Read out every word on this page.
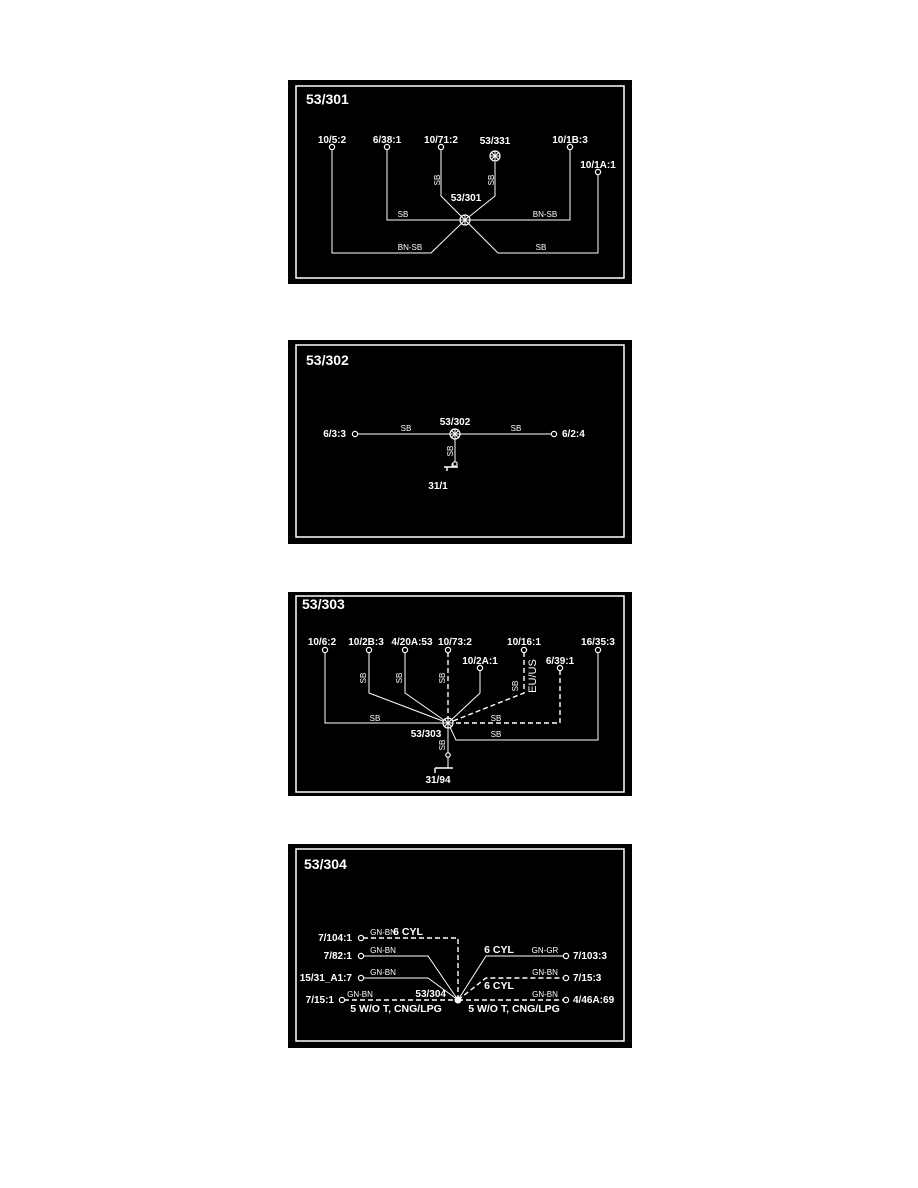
53/301
10/5:2	6/38:1 10/71:2 53/331	10/1B:3
10/1A:1
53/301
SB
SB	SB
BN-SB
BN-SB	SB
53/302
6/3:3	6/2:4
31/1
53/302
SB	SB
SB
53/303
10/6:2 10/2B:3 4/20A:53 10/73:2	10/16:1	16/35:3
10/2A:1	6/39:1
31/94
53/303
EU/US
SB
SB	SB	SB
SB
SB
SB
SB
53/304
7/104:1
7/82:1
15/31_A1:7
7/15:1
7/103:3
7/15:3
4/46A:69
53/304
GN-BN
GN-BN
GN-BN
GN-BN
GN-GR
GN-BN
GN-BN
6 CYL
6 CYL
6 CYL
5 W/O T, CNG/LPG	5 W/O T, CNG/LPG
